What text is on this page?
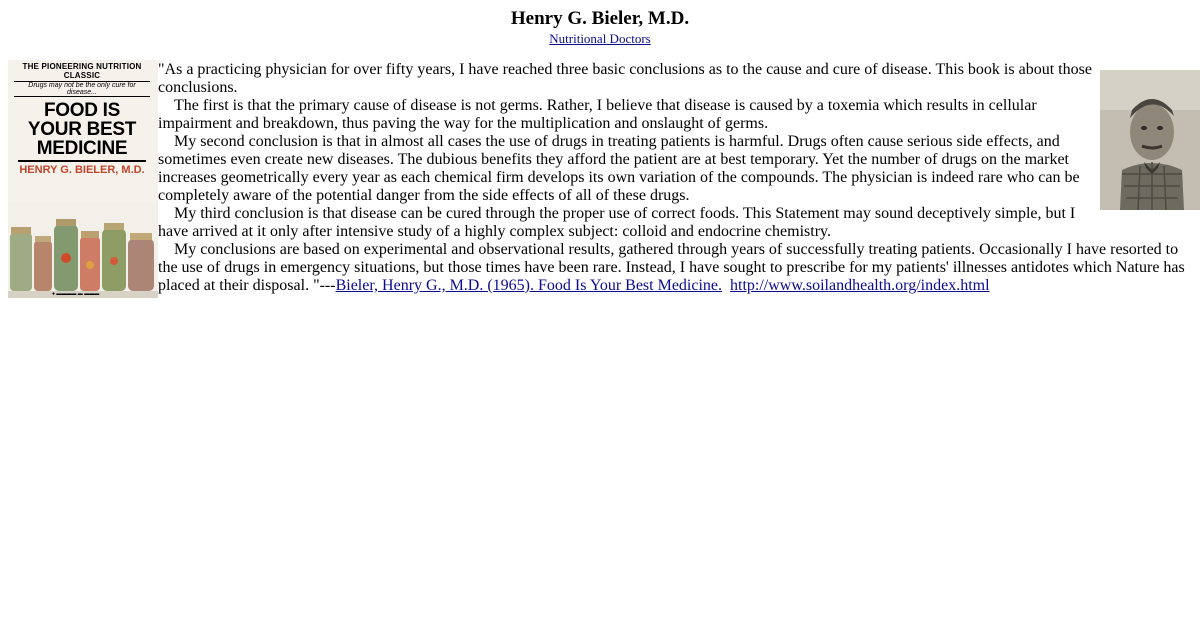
Henry G. Bieler, M.D.
Nutritional Doctors
THE PIONEERING NUTRITION CLASSIC
Drugs may not be the only cure for disease...
FOOD IS
YOUR BEST
MEDICINE
HENRY G. BIELER, M.D.
● ▬▬▬▬ ▬ ▬▬▬
"As a practicing physician for over fifty years, I have reached three basic conclusions as to the cause and cure of disease. This book is about those conclusions.
The first is that the primary cause of disease is not germs. Rather, I believe that disease is caused by a toxemia which results in cellular impairment and breakdown, thus paving the way for the multiplication and onslaught of germs.
My second conclusion is that in almost all cases the use of drugs in treating patients is harmful. Drugs often cause serious side effects, and sometimes even create new diseases. The dubious benefits they afford the patient are at best temporary. Yet the number of drugs on the market increases geometrically every year as each chemical firm develops its own variation of the compounds. The physician is indeed rare who can be completely aware of the potential danger from the side effects of all of these drugs.
My third conclusion is that disease can be cured through the proper use of correct foods. This Statement may sound deceptively simple, but I have arrived at it only after intensive study of a highly complex subject: colloid and endocrine chemistry.
My conclusions are based on experimental and observational results, gathered through years of successfully treating patients. Occasionally I have resorted to the use of drugs in emergency situations, but those times have been rare. Instead, I have sought to prescribe for my patients' illnesses antidotes which Nature has placed at their disposal. "---Bieler, Henry G., M.D. (1965). Food Is Your Best Medicine. http://www.soilandhealth.org/index.html
